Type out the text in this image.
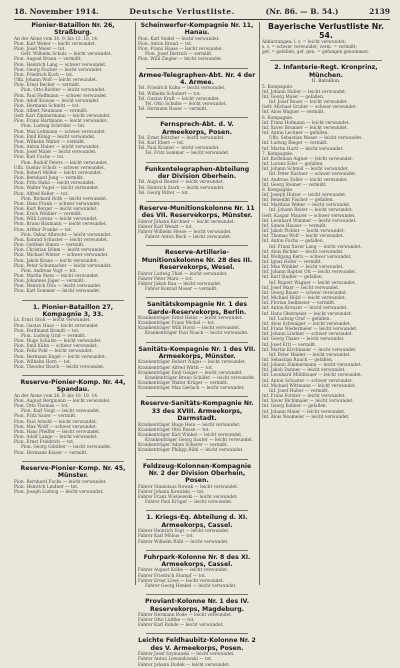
18. November 1914.	Deutsche Verlustliste.	(Nr. 86. — B. 54.)	2139
Pionier-Bataillon Nr. 26, Straßburg.
An der Aisne vom 30. 9. bis 13. 10. 14.
Pion. Karl Weber — leicht verwundet.
Pion. Josef Meier — tot.
Gefr. Wilhelm Schulz — leicht verwundet.
Pion. August Braun — vermißt.
Pion. Heinrich Lang — schwer verwundet.
Pion. Georg Fischer — leicht verwundet.
Pion. Friedrich Koch — tot.
Uffz. Johann Wolf — leicht verwundet.
Pion. Ernst Becker — vermißt.
Pion. Otto Richter — leicht verwundet.
Pion. Paul Hoffmann — schwer verwundet.
Pion. Adolf Krause — leicht verwundet.
Pion. Hermann Schmitt — tot.
Pion. Albert Neumann — vermißt.
Gefr. Karl Zimmermann — leicht verwundet.
Pion. Franz Hartmann — leicht verwundet.
Pion. Ludwig Schröder — tot.
Pion. Max Lehmann — schwer verwundet.
Pion. Emil König — leicht verwundet.
Pion. Wilhelm Walter — vermißt.
Pion. Anton Huber — leicht verwundet.
Pion. Josef Maier — leicht verwundet.
Pion. Karl Fuchs — tot.
Pion. Rudolf Peters — leicht verwundet.
Uffz. Gustav Scholz — schwer verwundet.
Pion. Robert Möller — leicht verwundet.
Pion. Bernhard Jung — vermißt.
Pion. Fritz Hahn — leicht verwundet.
Pion. Walter Vogel — leicht verwundet.
Pion. Alfred Keller — tot.
Pion. Richard Roth — leicht verwundet.
Pion. Hans Frank — schwer verwundet.
Pion. Kurt Berger — leicht verwundet.
Pion. Erich Winkler — vermißt.
Pion. Willi Lorenz — leicht verwundet.
Pion. Bruno Baumann — leicht verwundet.
Pion. Arthur Franke — tot.
Pion. Oskar Albrecht — leicht verwundet.
Pion. Konrad Schuster — leicht verwundet.
Pion. Gottlieb Simon — vermißt.
Pion. Christian Böhm — leicht verwundet.
Pion. Michael Winter — schwer verwundet.
Pion. Jakob Kraus — leicht verwundet.
Pion. Peter Schumacher — leicht verwundet.
Pion. Andreas Vogt — tot.
Pion. Martin Stein — leicht verwundet.
Pion. Johannes Jäger — vermißt.
Pion. Heinrich Otto — leicht verwundet.
Pion. Karl Sommer — leicht verwundet.
1. Pionier-Bataillon 27, Kompagnie 3, 33.
Lt. Ernst Groß — leicht verwundet.
Pion. Gustav Haas — leicht verwundet.
Pion. Ferdinand Brandt — tot.
Pion. Ludwig Graf — vermißt.
Pion. Hugo Schulze — leicht verwundet.
Pion. Emil Kühn — schwer verwundet.
Pion. Felix Pohl — leicht verwundet.
Pion. Hermann Engel — leicht verwundet.
Pion. Wilhelm Horn — tot.
Pion. Theodor Busch — leicht verwundet.
Reserve-Pionier-Komp. Nr. 44, Spandau.
An der Aisne vom 26. 9. bis 10. 10. 14.
Pion. August Bergmann — leicht verwundet.
Pion. Otto Thomas — tot.
Pion. Karl Voigt — leicht verwundet.
Pion. Fritz Sauer — vermißt.
Pion. Paul Arnold — leicht verwundet.
Pion. Max Wolff — schwer verwundet.
Pion. Hans Pfeiffer — leicht verwundet.
Pion. Adolf Lange — leicht verwundet.
Pion. Ernst Friedrich — tot.
Pion. Georg Günther — leicht verwundet.
Pion. Hermann Kaiser — vermißt.
Reserve-Pionier-Komp. Nr. 45, Münster.
Pion. Bernhard Fuchs — leicht verwundet.
Pion. Heinrich Lindner — tot.
Pion. Joseph Ludwig — leicht verwundet.
Scheinwerfer-Kompagnie Nr. 11, Hanau.
Pion. Karl Seidel — leicht verwundet.
Pion. Anton Brand — tot.
Pion. Franz Haase — leicht verwundet.
Pion. Josef Dietrich — vermißt.
Pion. Willi Ziegler — leicht verwundet.
Armee-Telegraphen-Abt. Nr. 4 der 4. Armee.
Tel. Friedrich Kuhn — leicht verwundet.
Tel. Wilhelm Schubert — tot.
Tel. Gustav Kraft — leicht verwundet.
Tel. Otto Schulte — leicht verwundet.
Tel. Hermann Bauer — vermißt.
Fernsprech-Abt. d. V. Armeekorps, Posen.
Tel. Ernst Böttcher — leicht verwundet.
Tel. Karl Ebert — tot.
Tel. Paul Kramer — leicht verwundet.
Tel. Fritz Sommer — leicht verwundet.
Funkentelegraphen-Abteilung der Division Oberhein.
Tel. August Reuter — leicht verwundet.
Tel. Heinrich Stark — leicht verwundet.
Tel. Georg Ritter — tot.
Reserve-Munitionskolonne Nr. 11 des VII. Reservekorps, Münster.
Fahrer Johann Kirchner — leicht verwundet.
Fahrer Karl Wendt — tot.
Fahrer Wilhelm Hesse — leicht verwundet.
Fahrer Anton Beck — leicht verwundet.
Reserve-Artillerie-Munitionskolonne Nr. 28 des III. Reservekorps, Wesel.
Fahrer Ludwig Thiel — leicht verwundet.
Fahrer Peter Marx — tot.
Fahrer Jakob Rau — leicht verwundet.
Fahrer Konrad Moser — vermißt.
Sanitätskompagnie Nr. 1 des Garde-Reservekorps, Berlin.
Krankenträger Ernst Heinz — leicht verwundet.
Krankenträger Franz Michel — tot.
Krankenträger Willi Horst — leicht verwundet.
Krankenträger Paul Noack — leicht verwundet.
Sanitäts-Kompagnie Nr. 1 des VII. Armeekorps, Münster.
Krankenträger Robert Nagel — leicht verwundet.
Krankenträger Alfred Wirth — tot.
Krankenträger Emil Geiger — leicht verwundet.
Krankenträger Bruno Schäfer — leicht verwundet.
Krankenträger Walter Krüger — vermißt.
Krankenträger Max Gerlach — leicht verwundet.
Reserve-Sanitäts-Kompagnie Nr. 33 des XVIII. Armeekorps, Darmstadt.
Krankenträger Hugo Hein — leicht verwundet.
Krankenträger Otto Busse — tot.
Krankenträger Karl Winkel — leicht verwundet.
Krankenträger Georg Sauter — leicht verwundet.
Krankenträger Adam Scherer — vermißt.
Krankenträger Philipp Rühl — leicht verwundet.
Feldzeug-Kolonnen-Kompagnie Nr. 2 der Division Oberhein, Posen.
Fahrer Stanislaus Nowak — leicht verwundet.
Fahrer Johann Kowalski — tot.
Fahrer Franz Wisniewski — leicht verwundet.
Fahrer Paul Krüger — leicht verwundet.
1. Kriegs-Eq. Abteilung d. XI. Armeekorps, Cassel.
Fahrer Heinrich Vogt — leicht verwundet.
Fahrer Karl Möbus — tot.
Fahrer Wilhelm Rühl — leicht verwundet.
Fuhrpark-Kolonne Nr. 8 des XI. Armeekorps, Cassel.
Fahrer August Kolbe — leicht verwundet.
Fahrer Friedrich Stumpf — tot.
Fahrer Ernst Löwe — leicht verwundet.
Fahrer Georg Henkel — leicht verwundet.
Proviant-Kolonne Nr. 1 des IV. Reservekorps, Magdeburg.
Fahrer Hermann Bode — leicht verwundet.
Fahrer Otto Lüdtke — tot.
Fahrer Karl Rohde — leicht verwundet.
Leichte Feldhaubitz-Kolonne Nr. 2 des V. Armeekorps, Posen.
Fahrer Josef Szymanski — leicht verwundet.
Fahrer Anton Lewandowski — tot.
Fahrer Johann Dudek — leicht verwundet.
Bayerische Verlustliste Nr. 54.
Abkürzungen: l. v. = leicht verwundet;
s. v. = schwer verwundet; verm. = vermißt;
gef. = gefallen; gef. gen. = gefangen genommen.
2. Infanterie-Regt. Kronprinz, München.
II. Bataillon.
5. Kompagnie.
Inf. Johann Huber — leicht verwundet.
Inf. Georg Maier — gefallen.
Inf. Josef Bauer — leicht verwundet.
Gefr. Michael Gruber — schwer verwundet.
Inf. Alois Wagner — vermißt.
6. Kompagnie.
Inf. Franz Hofmann — leicht verwundet.
Inf. Xaver Brunner — leicht verwundet.
Inf. Anton Lechner — gefallen.
Uffz. Sebastian Moser — leicht verwundet.
Inf. Ludwig Rieger — vermißt.
Inf. Martin Hartl — leicht verwundet.
7. Kompagnie.
Inf. Korbinian Aigner — leicht verwundet.
Inf. Lorenz Eder — gefallen.
Inf. Johann Schmid — leicht verwundet.
Inf. Peter Kastner — schwer verwundet.
Inf. Andreas Zeller — leicht verwundet.
Inf. Georg Steiner — vermißt.
8. Kompagnie.
Inf. Joseph Holzer — leicht verwundet.
Inf. Benedikt Fischer — gefallen.
Inf. Matthias Weber — leicht verwundet.
Inf. Johann Reiter — leicht verwundet.
Gefr. Kaspar Maurer — schwer verwundet.
Inf. Leonhard Wimmer — leicht verwundet.
Inf. Simon Hauser — vermißt.
Inf. Jakob Pichler — leicht verwundet.
Inf. Thomas Wolf — leicht verwundet.
Inf. Anton Fuchs — gefallen.
Inf. Franz Xaver Lang — leicht verwundet.
Inf. Alois Bichler — leicht verwundet.
Inf. Wolfgang Kern — schwer verwundet.
Inf. Ignaz Hofer — vermißt.
Inf. Max Winkler — leicht verwundet.
Inf. Johann Baptist Ott — leicht verwundet.
Inf. Karl Stadler — gefallen.
Inf. Rupert Wagner — leicht verwundet.
Inf. Josef Mayr — leicht verwundet.
Inf. Georg Bauer — schwer verwundet.
Inf. Michael Hölzl — leicht verwundet.
Inf. Florian Sedlmeier — vermißt.
Inf. Anton Kreuzer — leicht verwundet.
Inf. Hans Obermeier — leicht verwundet.
Inf. Ludwig Graf — gefallen.
Inf. Alois Schwaiger — leicht verwundet.
Inf. Franz Niedermeier — leicht verwundet.
Inf. Johann Lindner — schwer verwundet.
Inf. Georg Thaler — leicht verwundet.
Inf. Josef Ertl — vermißt.
Inf. Martin Kirchmaier — leicht verwundet.
Inf. Peter Haider — leicht verwundet.
Inf. Sebastian Rauch — gefallen.
Inf. Johann Zimmermann — leicht verwundet.
Inf. Jakob Danner — leicht verwundet.
Inf. Leonhard Mühlbauer — leicht verwundet.
Inf. Anton Schuster — schwer verwundet.
Inf. Michael Wittmann — leicht verwundet.
Inf. Josef Huber — vermißt.
Inf. Franz Forster — leicht verwundet.
Inf. Xaver Bichlmaier — leicht verwundet.
Inf. Georg Kellner — gefallen.
Inf. Johann Maier — leicht verwundet.
Inf. Alois Neumeier — leicht verwundet.
